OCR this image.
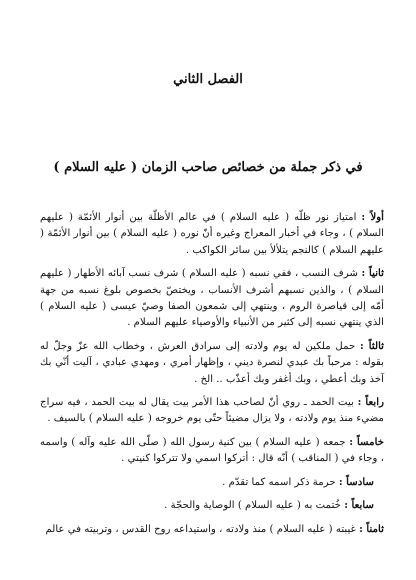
الفصل الثاني
في ذكر جملة من خصائص صاحب الزمان ( عليه السلام )

أولاً : امتياز نور ظلّه ( عليه السلام ) في عالم الأظلّة بين أنوار الأئمّة ( عليهم السلام ) ، وجاء في أخبار المعراج وغيره أنّ نوره ( عليه السلام ) بين أنوار الأئمّة ( عليهم السلام ) كالنجم يتلألأ بين سائر الكواكب .

ثانياً : شرف النسب ، ففي نسبه ( عليه السلام ) شرف نسب آبائه الأطهار ( عليهم السلام ) ، والذين نسبهم أشرف الأنساب ، ويختصّ بخصوص بلوغ نسبه من جهة أمّه إلى قياصرة الروم ، وينتهي إلى شمعون الصفا وصيّ عيسى ( عليه السلام ) الذي ينتهي نسبه إلى كثير من الأنبياء والأوصياء عليهم السلام .

ثالثاً : حمل ملكين له يوم ولادته إلى سرادق العرش ، وخطاب الله عزّ وجلّ له بقوله : مرحباً بك عبدي لنصرة ديني ، وإظهار أمري ، ومهدي عبادي ، آليت أنّي بك آخذ وبك أعطي ، وبك أغفر وبك أعذّب .. الخ .

رابعاً : بيت الحمد ـ روي أنّ لصاحب هذا الأمر بيت يقال له بيت الحمد ، فيه سراج مضيء منذ يوم ولادته ، ولا يزال مضيئاً حتّى يوم خروجه ( عليه السلام ) بالسيف .

خامساً : جمعه ( عليه السلام ) بين كنية رسول الله ( صلّى الله عليه وآله ) واسمه ، وجاء في ( المناقب ) أنّه قال : أتركوا اسمي ولا تتركوا كنيتي .

سادساً : حرمة ذكر اسمه كما تقدّم .

سابعاً : خُتمت به ( عليه السلام ) الوصاية والحجّة .

ثامناً : غيبته ( عليه السلام ) منذ ولادته ، واستيداعه روح القدس ، وتربيته في عالم
